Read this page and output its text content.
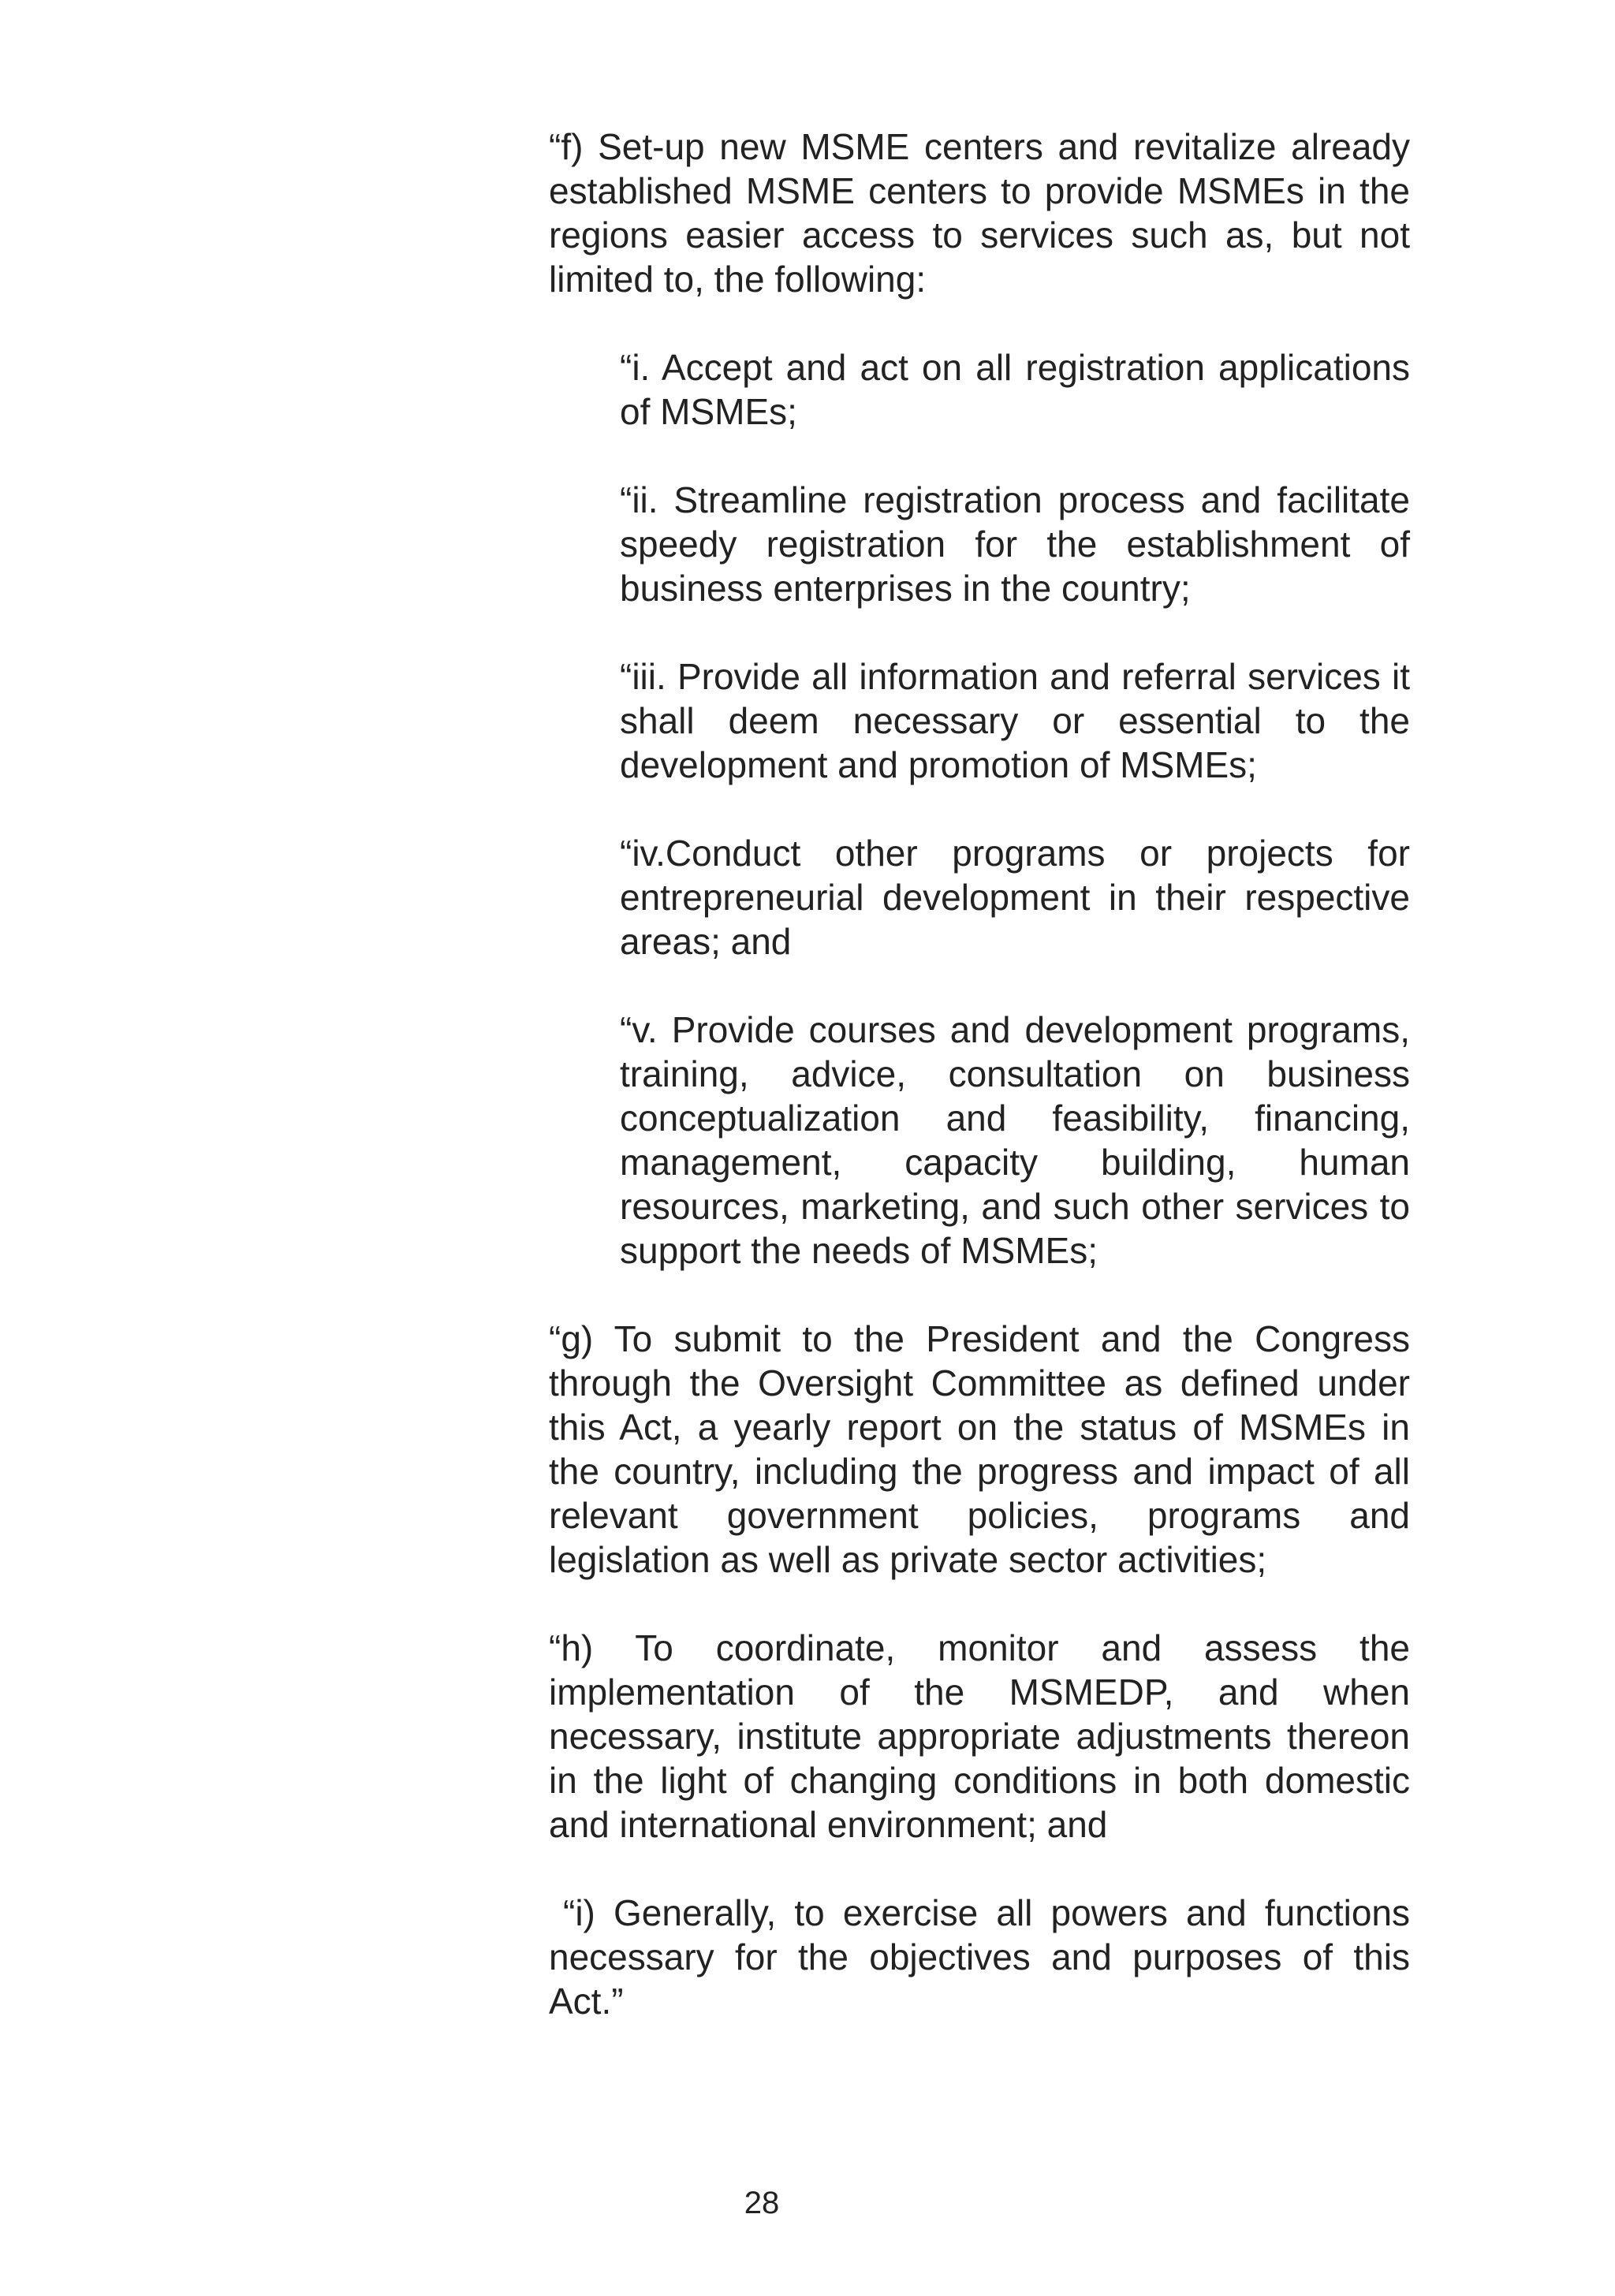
“f) Set-up new MSME centers and revitalize already established MSME centers to provide MSMEs in the regions easier access to services such as, but not limited to, the following:

“i. Accept and act on all registration applications of MSMEs;

“ii. Streamline registration process and facilitate speedy registration for the establishment of business enterprises in the country;

“iii. Provide all information and referral services it shall deem necessary or essential to the development and promotion of MSMEs;

“iv.Conduct other programs or projects for entrepreneurial development in their respective areas; and

“v. Provide courses and development programs, training, advice, consultation on business conceptualization and feasibility, financing, management, capacity building, human resources, marketing, and such other services to support the needs of MSMEs;

“g) To submit to the President and the Congress through the Oversight Committee as defined under this Act, a yearly report on the status of MSMEs in the country, including the progress and impact of all relevant government policies, programs and legislation as well as private sector activities;

“h) To coordinate, monitor and assess the implementation of the MSMEDP, and when necessary, institute appropriate adjustments thereon in the light of changing conditions in both domestic and international environment; and

“i) Generally, to exercise all powers and functions necessary for the objectives and purposes of this Act.”

28
